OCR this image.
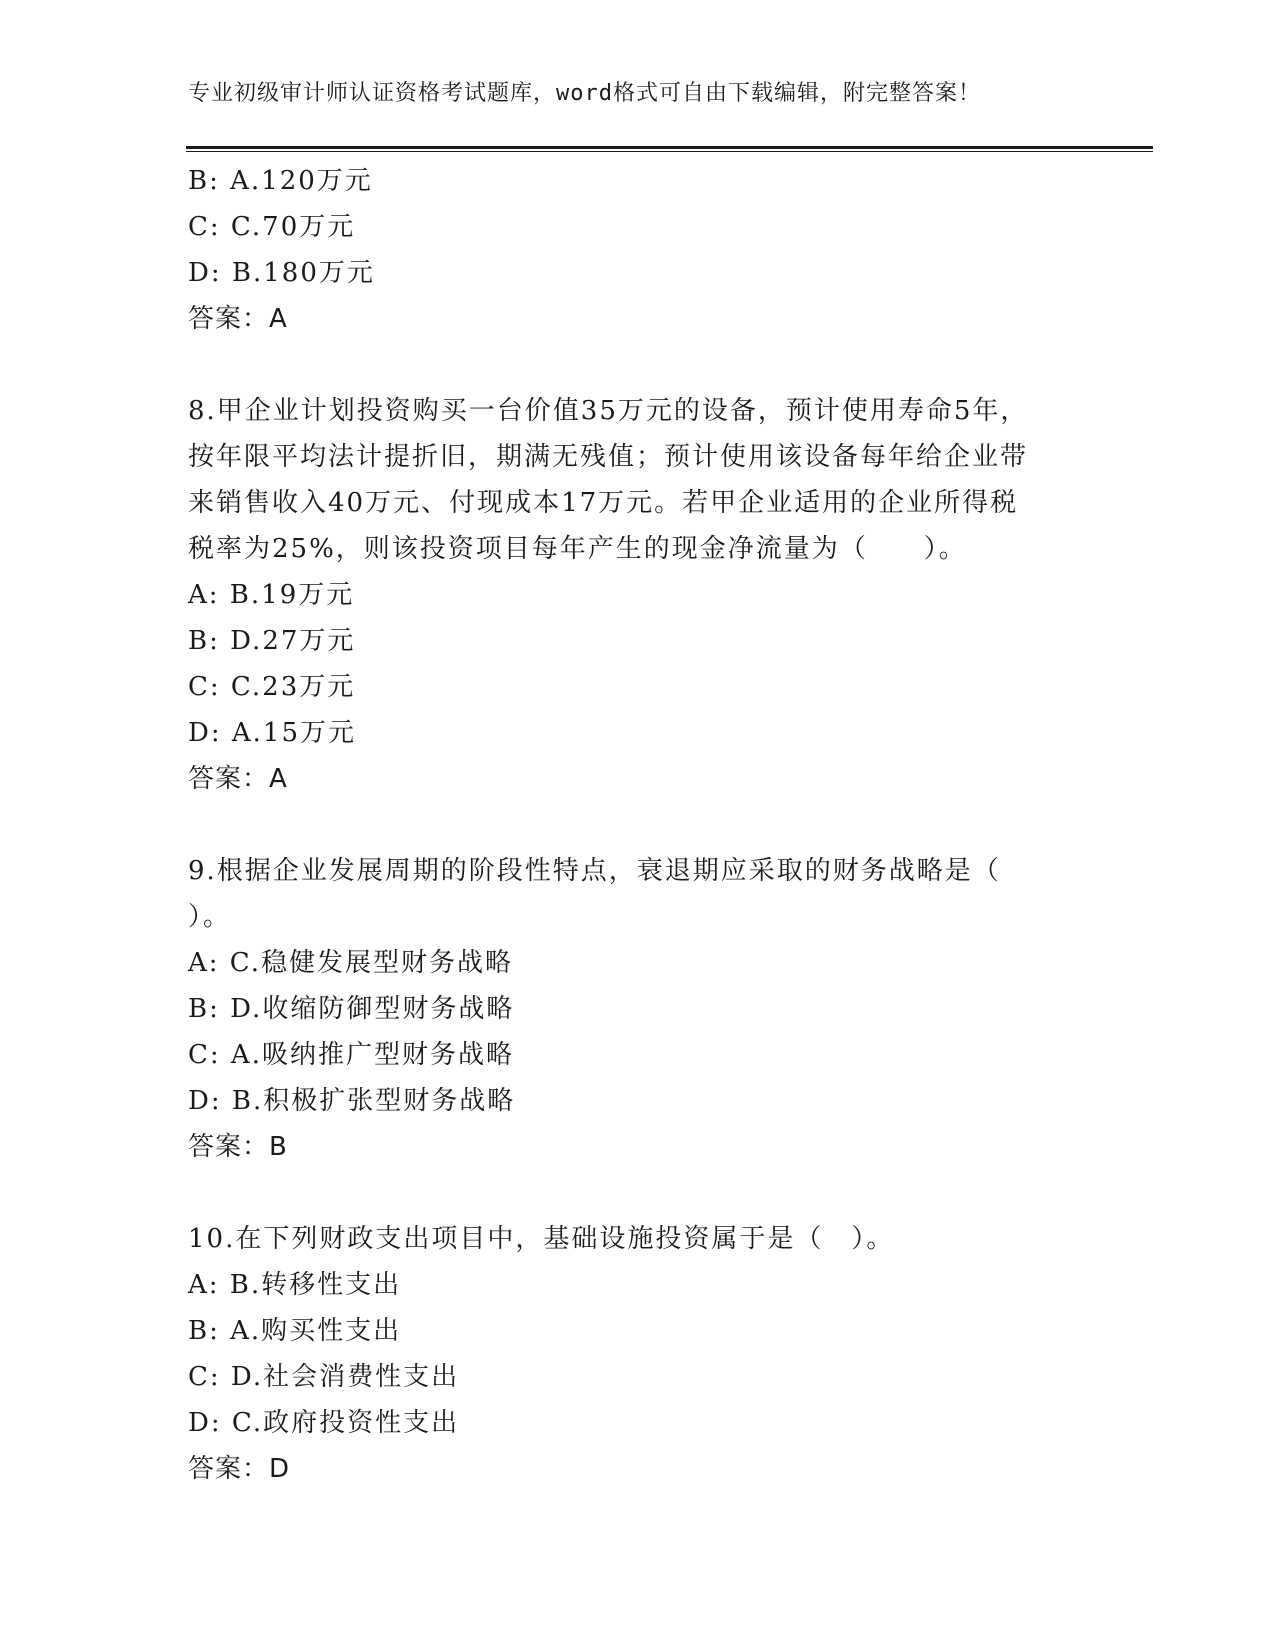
专业初级审计师认证资格考试题库，word格式可自由下载编辑，附完整答案！
B: A.120万元
C: C.70万元
D: B.180万元
答案：A
8.甲企业计划投资购买一台价值35万元的设备，预计使用寿命5年，
按年限平均法计提折旧，期满无残值；预计使用该设备每年给企业带
来销售收入40万元、付现成本17万元。若甲企业适用的企业所得税
税率为25%，则该投资项目每年产生的现金净流量为（　　）。
A: B.19万元
B: D.27万元
C: C.23万元
D: A.15万元
答案：A
9.根据企业发展周期的阶段性特点，衰退期应采取的财务战略是（
）。
A: C.稳健发展型财务战略
B: D.收缩防御型财务战略
C: A.吸纳推广型财务战略
D: B.积极扩张型财务战略
答案：B
10.在下列财政支出项目中，基础设施投资属于是（　）。
A: B.转移性支出
B: A.购买性支出
C: D.社会消费性支出
D: C.政府投资性支出
答案：D
